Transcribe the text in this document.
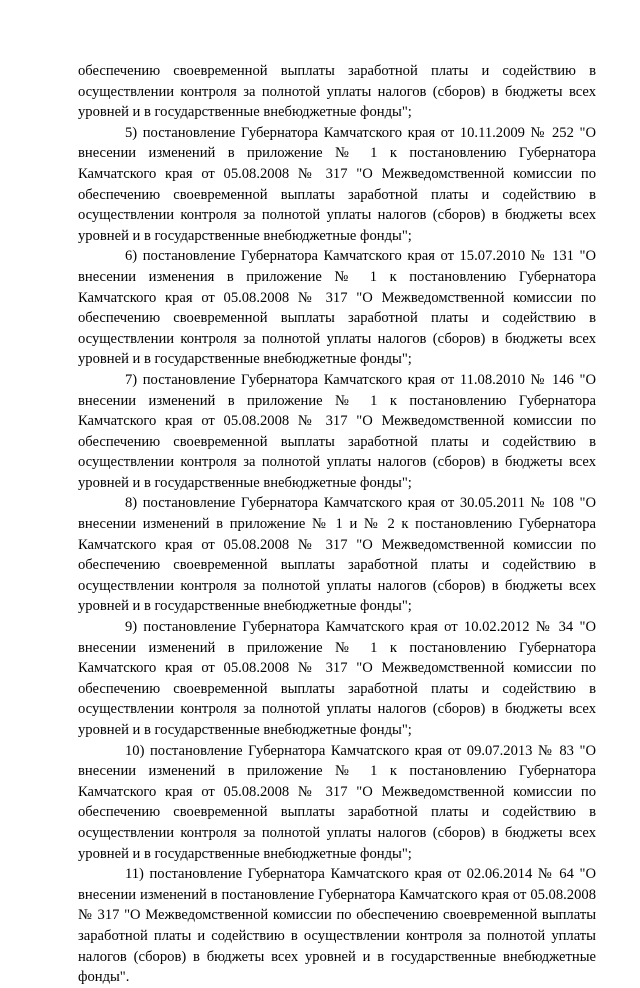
обеспечению своевременной выплаты заработной платы и содействию в осуществлении контроля за полнотой уплаты налогов (сборов) в бюджеты всех уровней и в государственные внебюджетные фонды";

5) постановление Губернатора Камчатского края от 10.11.2009 № 252 "О внесении изменений в приложение № 1 к постановлению Губернатора Камчатского края от 05.08.2008 № 317 "О Межведомственной комиссии по обеспечению своевременной выплаты заработной платы и содействию в осуществлении контроля за полнотой уплаты налогов (сборов) в бюджеты всех уровней и в государственные внебюджетные фонды";

6) постановление Губернатора Камчатского края от 15.07.2010 № 131 "О внесении изменения в приложение № 1 к постановлению Губернатора Камчатского края от 05.08.2008 № 317 "О Межведомственной комиссии по обеспечению своевременной выплаты заработной платы и содействию в осуществлении контроля за полнотой уплаты налогов (сборов) в бюджеты всех уровней и в государственные внебюджетные фонды";

7) постановление Губернатора Камчатского края от 11.08.2010 № 146 "О внесении изменений в приложение № 1 к постановлению Губернатора Камчатского края от 05.08.2008 № 317 "О Межведомственной комиссии по обеспечению своевременной выплаты заработной платы и содействию в осуществлении контроля за полнотой уплаты налогов (сборов) в бюджеты всех уровней и в государственные внебюджетные фонды";

8) постановление Губернатора Камчатского края от 30.05.2011 № 108 "О внесении изменений в приложение № 1 и № 2 к постановлению Губернатора Камчатского края от 05.08.2008 № 317 "О Межведомственной комиссии по обеспечению своевременной выплаты заработной платы и содействию в осуществлении контроля за полнотой уплаты налогов (сборов) в бюджеты всех уровней и в государственные внебюджетные фонды";

9) постановление Губернатора Камчатского края от 10.02.2012 № 34 "О внесении изменений в приложение № 1 к постановлению Губернатора Камчатского края от 05.08.2008 № 317 "О Межведомственной комиссии по обеспечению своевременной выплаты заработной платы и содействию в осуществлении контроля за полнотой уплаты налогов (сборов) в бюджеты всех уровней и в государственные внебюджетные фонды";

10) постановление Губернатора Камчатского края от 09.07.2013 № 83 "О внесении изменений в приложение № 1 к постановлению Губернатора Камчатского края от 05.08.2008 № 317 "О Межведомственной комиссии по обеспечению своевременной выплаты заработной платы и содействию в осуществлении контроля за полнотой уплаты налогов (сборов) в бюджеты всех уровней и в государственные внебюджетные фонды";

11) постановление Губернатора Камчатского края от 02.06.2014 № 64 "О внесении изменений в постановление Губернатора Камчатского края от 05.08.2008 № 317 "О Межведомственной комиссии по обеспечению своевременной выплаты заработной платы и содействию в осуществлении контроля за полнотой уплаты налогов (сборов) в бюджеты всех уровней и в государственные внебюджетные фонды".
